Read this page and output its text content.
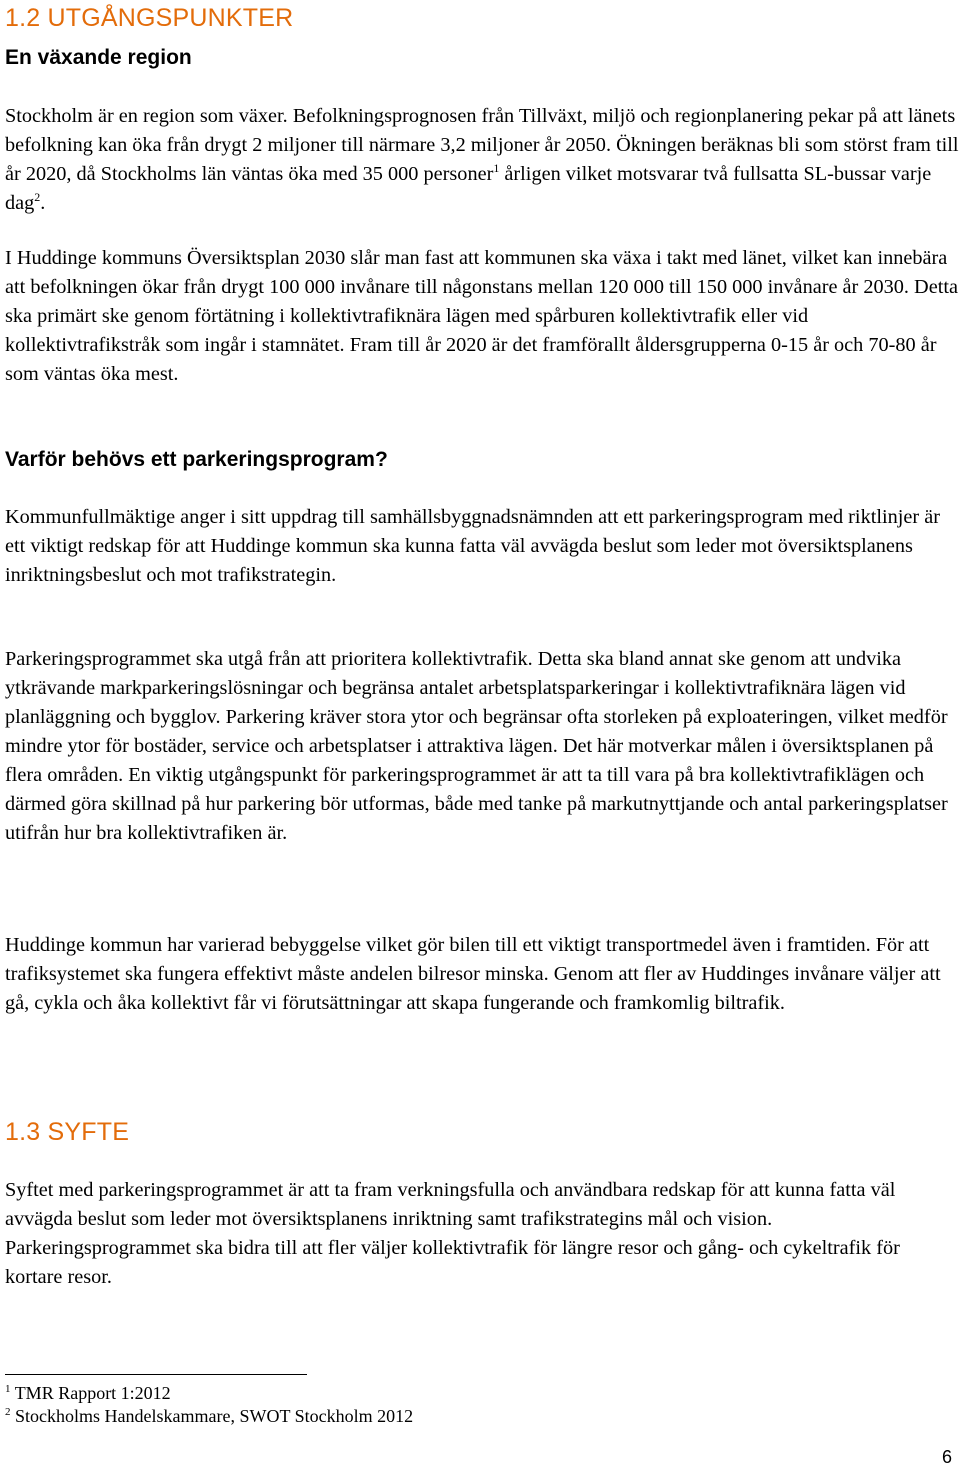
1.2 UTGÅNGSPUNKTER
En växande region

Stockholm är en region som växer. Befolkningsprognosen från Tillväxt, miljö och regionplanering pekar på att länets befolkning kan öka från drygt 2 miljoner till närmare 3,2 miljoner år 2050. Ökningen beräknas bli som störst fram till år 2020, då Stockholms län väntas öka med 35 000 personer$^1$ årligen vilket motsvarar två fullsatta SL-bussar varje dag$^2$.

I Huddinge kommuns Översiktsplan 2030 slår man fast att kommunen ska växa i takt med länet, vilket kan innebära att befolkningen ökar från drygt 100 000 invånare till någonstans mellan 120 000 till 150 000 invånare år 2030. Detta ska primärt ske genom förtätning i kollektivtrafiknära lägen med spårburen kollektivtrafik eller vid kollektivtrafikstråk som ingår i stamnätet. Fram till år 2020 är det framförallt åldersgrupperna 0-15 år och 70-80 år som väntas öka mest.

Varför behövs ett parkeringsprogram?

Kommunfullmäktige anger i sitt uppdrag till samhällsbyggnadsnämnden att ett parkeringsprogram med riktlinjer är ett viktigt redskap för att Huddinge kommun ska kunna fatta väl avvägda beslut som leder mot översiktsplanens inriktningsbeslut och mot trafikstrategin.

Parkeringsprogrammet ska utgå från att prioritera kollektivtrafik. Detta ska bland annat ske genom att undvika ytkrävande markparkeringslösningar och begränsa antalet arbetsplatsparkeringar i kollektivtrafiknära lägen vid planläggning och bygglov. Parkering kräver stora ytor och begränsar ofta storleken på exploateringen, vilket medför mindre ytor för bostäder, service och arbetsplatser i attraktiva lägen. Det här motverkar målen i översiktsplanen på flera områden. En viktig utgångspunkt för parkeringsprogrammet är att ta till vara på bra kollektivtrafiklägen och därmed göra skillnad på hur parkering bör utformas, både med tanke på markutnyttjande och antal parkeringsplatser utifrån hur bra kollektivtrafiken är.

Huddinge kommun har varierad bebyggelse vilket gör bilen till ett viktigt transportmedel även i framtiden. För att trafiksystemet ska fungera effektivt måste andelen bilresor minska. Genom att fler av Huddinges invånare väljer att gå, cykla och åka kollektivt får vi förutsättningar att skapa fungerande och framkomlig biltrafik.

1.3 SYFTE

Syftet med parkeringsprogrammet är att ta fram verkningsfulla och användbara redskap för att kunna fatta väl avvägda beslut som leder mot översiktsplanens inriktning samt trafikstrategins mål och vision. Parkeringsprogrammet ska bidra till att fler väljer kollektivtrafik för längre resor och gång- och cykeltrafik för kortare resor.

$^1$ TMR Rapport 1:2012
$^2$ Stockholms Handelskammare, SWOT Stockholm 2012
6
